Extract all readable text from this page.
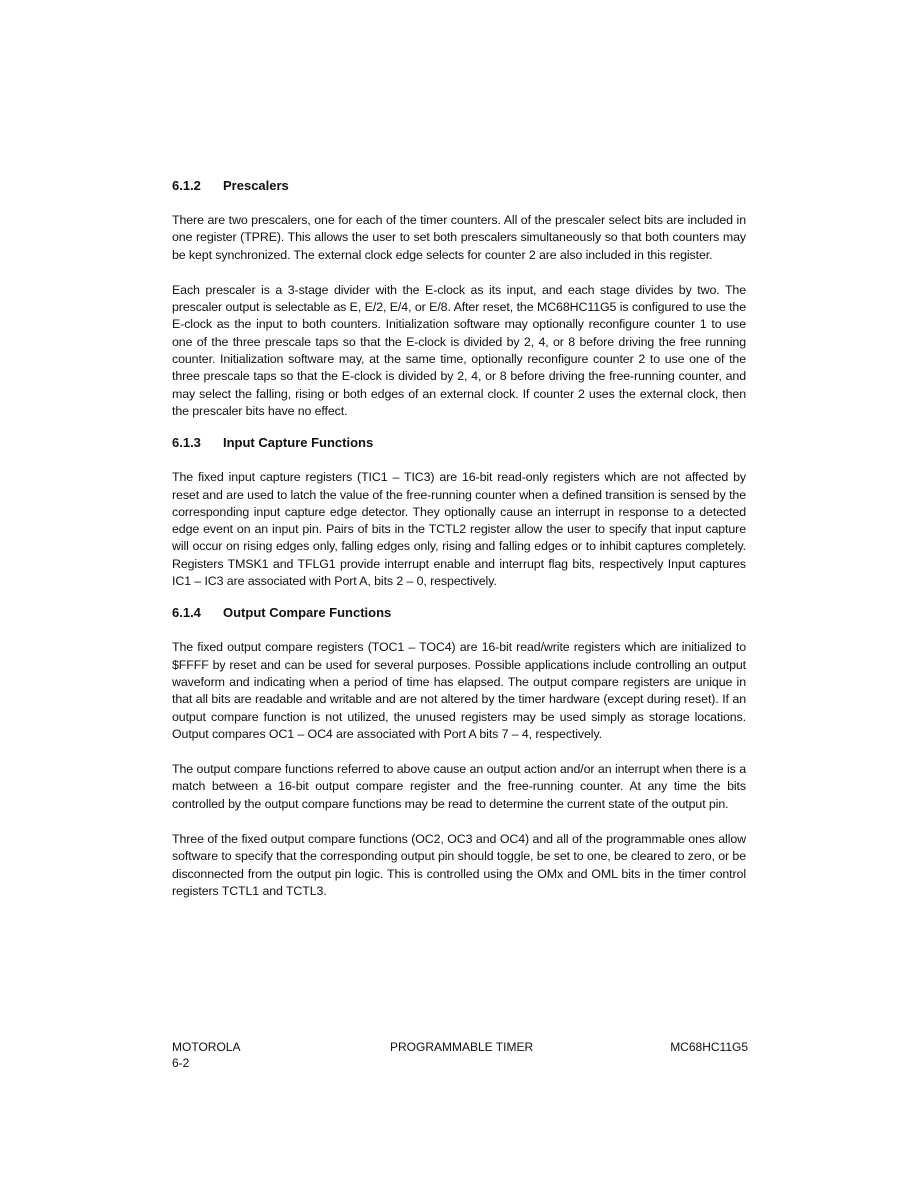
6.1.2 Prescalers

There are two prescalers, one for each of the timer counters. All of the prescaler select bits are included in one register (TPRE). This allows the user to set both prescalers simultaneously so that both counters may be kept synchronized. The external clock edge selects for counter 2 are also included in this register.

Each prescaler is a 3-stage divider with the E-clock as its input, and each stage divides by two. The prescaler output is selectable as E, E/2, E/4, or E/8. After reset, the MC68HC11G5 is configured to use the E-clock as the input to both counters. Initialization software may optionally reconfigure counter 1 to use one of the three prescale taps so that the E-clock is divided by 2, 4, or 8 before driving the free running counter. Initialization software may, at the same time, optionally reconfigure counter 2 to use one of the three prescale taps so that the E-clock is divided by 2, 4, or 8 before driving the free-running counter, and may select the falling, rising or both edges of an external clock. If counter 2 uses the external clock, then the prescaler bits have no effect.

6.1.3 Input Capture Functions

The fixed input capture registers (TIC1 – TIC3) are 16-bit read-only registers which are not affected by reset and are used to latch the value of the free-running counter when a defined transition is sensed by the corresponding input capture edge detector. They optionally cause an interrupt in response to a detected edge event on an input pin. Pairs of bits in the TCTL2 register allow the user to specify that input capture will occur on rising edges only, falling edges only, rising and falling edges or to inhibit captures completely. Registers TMSK1 and TFLG1 provide interrupt enable and interrupt flag bits, respectively Input captures IC1 – IC3 are associated with Port A, bits 2 – 0, respectively.

6.1.4 Output Compare Functions

The fixed output compare registers (TOC1 – TOC4) are 16-bit read/write registers which are initialized to $FFFF by reset and can be used for several purposes. Possible applications include controlling an output waveform and indicating when a period of time has elapsed. The output compare registers are unique in that all bits are readable and writable and are not altered by the timer hardware (except during reset). If an output compare function is not utilized, the unused registers may be used simply as storage locations. Output compares OC1 – OC4 are associated with Port A bits 7 – 4, respectively.

The output compare functions referred to above cause an output action and/or an interrupt when there is a match between a 16-bit output compare register and the free-running counter. At any time the bits controlled by the output compare functions may be read to determine the current state of the output pin.

Three of the fixed output compare functions (OC2, OC3 and OC4) and all of the programmable ones allow software to specify that the corresponding output pin should toggle, be set to one, be cleared to zero, or be disconnected from the output pin logic. This is controlled using the OMx and OML bits in the timer control registers TCTL1 and TCTL3.

MOTOROLA
6-2
PROGRAMMABLE TIMER	MC68HC11G5
